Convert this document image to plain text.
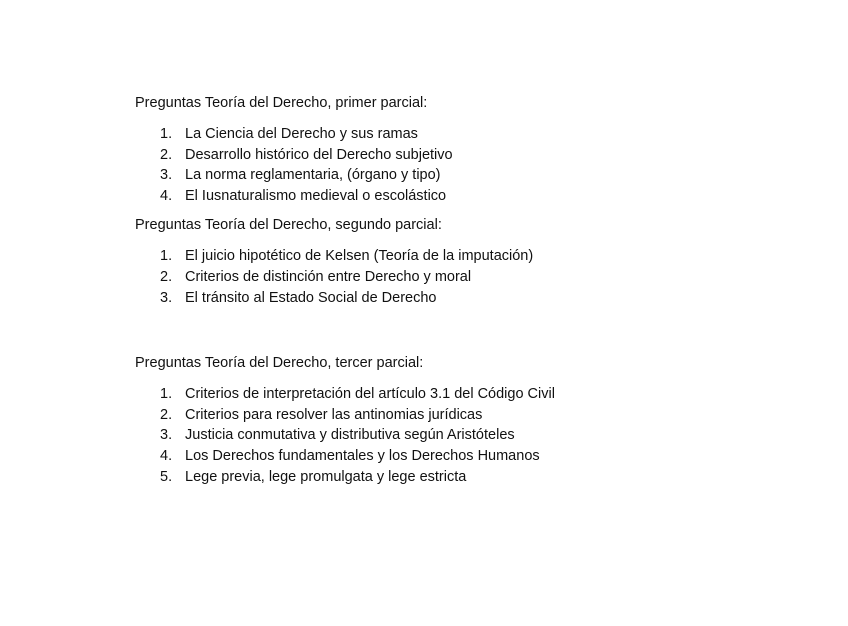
Preguntas Teoría del Derecho, primer parcial:
1. La Ciencia del Derecho y sus ramas
2. Desarrollo histórico del Derecho subjetivo
3. La norma reglamentaria, (órgano y tipo)
4. El Iusnaturalismo medieval o escolástico
Preguntas Teoría del Derecho, segundo parcial:
1. El juicio hipotético de Kelsen (Teoría de la imputación)
2. Criterios de distinción entre Derecho y moral
3. El tránsito al Estado Social de Derecho
Preguntas Teoría del Derecho, tercer parcial:
1. Criterios de interpretación del artículo 3.1 del Código Civil
2. Criterios para resolver las antinomias jurídicas
3. Justicia conmutativa y distributiva según Aristóteles
4. Los Derechos fundamentales y los Derechos Humanos
5. Lege previa, lege promulgata y lege estricta
